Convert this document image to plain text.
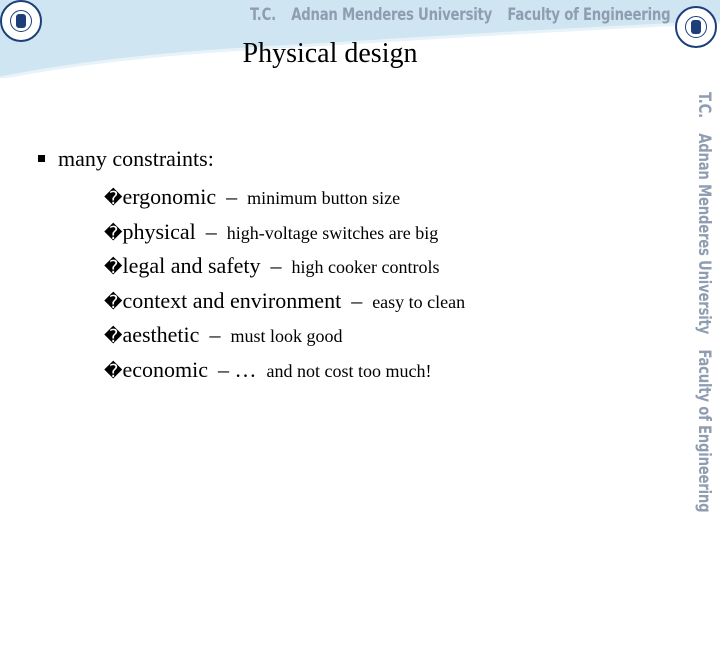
T.C. Adnan Menderes University Faculty of Engineering
Physical design
T.C. Adnan Menderes University Faculty of Engineering
many constraints:
�ergonomic – minimum button size
�physical – high-voltage switches are big
�legal and safety – high cooker controls
�context and environment – easy to clean
�aesthetic – must look good
�economic – … and not cost too much!
